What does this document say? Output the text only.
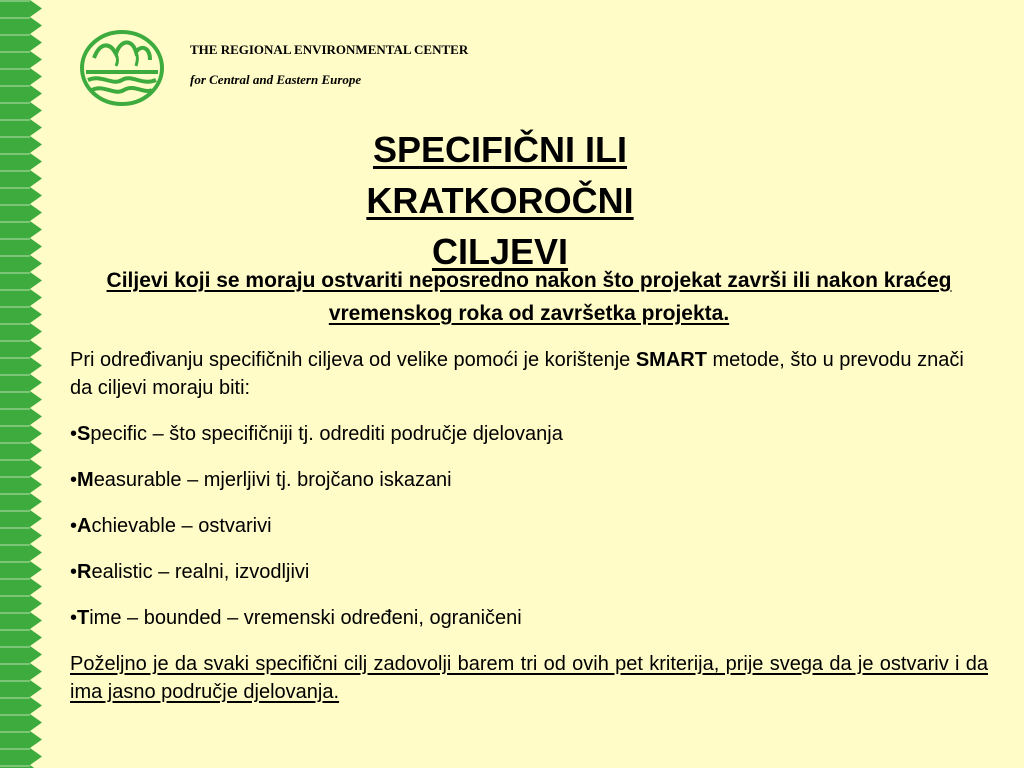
THE REGIONAL ENVIRONMENTAL CENTER
for Central and Eastern Europe
SPECIFIČNI ILI
KRATKOROČNI
CILJEVI
Ciljevi koji se moraju ostvariti neposredno nakon što projekat završi ili nakon kraćeg vremenskog roka od završetka projekta.

Pri određivanju specifičnih ciljeva od velike pomoći je korištenje SMART metode, što u prevodu znači da ciljevi moraju biti:

•Specific – što specifičniji tj. odrediti područje djelovanja

•Measurable – mjerljivi tj. brojčano iskazani

•Achievable – ostvarivi

•Realistic – realni, izvodljivi

•Time – bounded – vremenski određeni, ograničeni

Poželjno je da svaki specifični cilj zadovolji barem tri od ovih pet kriterija, prije svega da je ostvariv i da ima jasno područje djelovanja.
